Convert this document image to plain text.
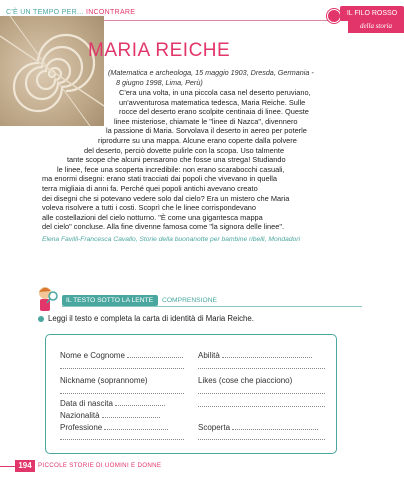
C'È UN TEMPO PER... INCONTRARE	IL FILO ROSSO
della storia
MARIA REICHE
(Matematica e archeologa, 15 maggio 1903, Dresda, Germania -
8 giugno 1998, Lima, Perù)
C'era una volta, in una piccola casa nel deserto peruviano,
un'avventurosa matematica tedesca, Maria Reiche. Sulle
rocce del deserto erano scolpite centinaia di linee. Queste
linee misteriose, chiamate le "linee di Nazca", divennero
la passione di Maria. Sorvolava il deserto in aereo per poterle
riprodurre su una mappa. Alcune erano coperte dalla polvere
del deserto, perciò dovette pulirle con la scopa. Uso talmente
tante scope che alcuni pensarono che fosse una strega! Studiando
le linee, fece una scoperta incredibile: non erano scarabocchi casuali,
ma enormi disegni: erano stati tracciati dai popoli che vivevano in quella
terra migliaia di anni fa. Perché quei popoli antichi avevano creato
dei disegni che si potevano vedere solo dal cielo? Era un mistero che Maria
voleva risolvere a tutti i costi. Scoprì che le linee corrispondevano
alle costellazioni del cielo notturno. "È come una gigantesca mappa
del cielo" concluse. Alla fine divenne famosa come "la signora delle linee".
Elena Favilli-Francesca Cavallo, Storie della buonanotte per bambine ribelli, Mondadori
IL TESTO SOTTO LA LENTE	COMPRENSIONE
Leggi il testo e completa la carta di identità di Maria Reiche.
Nome e Cognome	Abilità
Nickname (soprannome)	Likes (cose che piacciono)
Data di nascita
Nazionalità
Professione	Scoperta
194	PICCOLE STORIE DI UOMINI E DONNE
